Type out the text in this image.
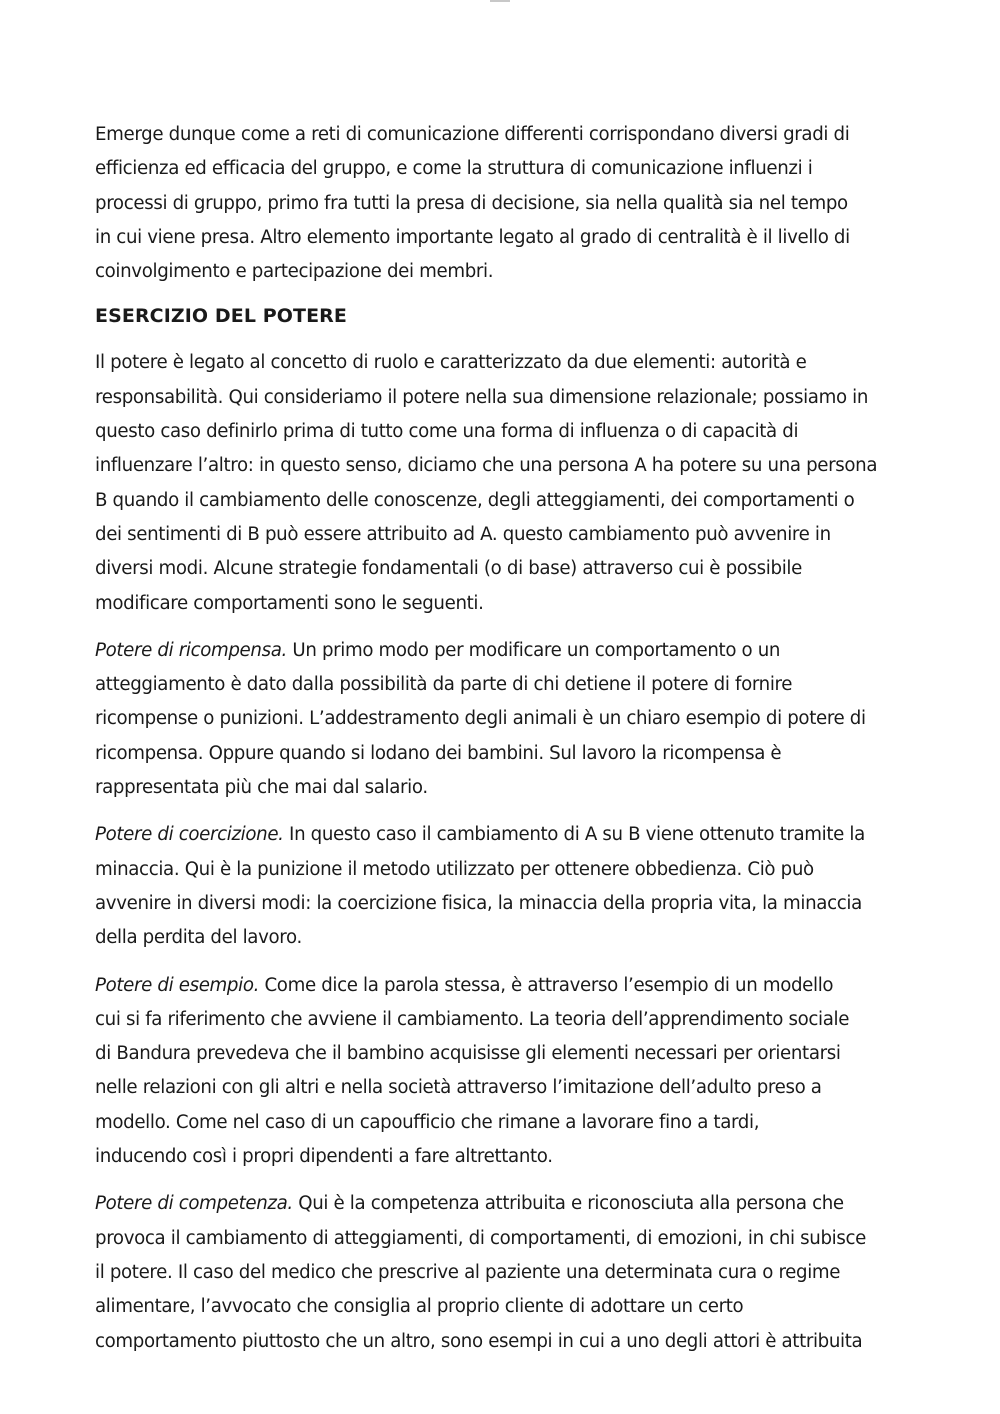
Emerge dunque come a reti di comunicazione differenti corrispondano diversi gradi di
efficienza ed efficacia del gruppo, e come la struttura di comunicazione influenzi i
processi di gruppo, primo fra tutti la presa di decisione, sia nella qualità sia nel tempo
in cui viene presa. Altro elemento importante legato al grado di centralità è il livello di
coinvolgimento e partecipazione dei membri.
ESERCIZIO DEL POTERE
Il potere è legato al concetto di ruolo e caratterizzato da due elementi: autorità e
responsabilità. Qui consideriamo il potere nella sua dimensione relazionale; possiamo in
questo caso definirlo prima di tutto come una forma di influenza o di capacità di
influenzare l’altro: in questo senso, diciamo che una persona A ha potere su una persona
B quando il cambiamento delle conoscenze, degli atteggiamenti, dei comportamenti o
dei sentimenti di B può essere attribuito ad A. questo cambiamento può avvenire in
diversi modi. Alcune strategie fondamentali (o di base) attraverso cui è possibile
modificare comportamenti sono le seguenti.
Potere di ricompensa. Un primo modo per modificare un comportamento o un
atteggiamento è dato dalla possibilità da parte di chi detiene il potere di fornire
ricompense o punizioni. L’addestramento degli animali è un chiaro esempio di potere di
ricompensa. Oppure quando si lodano dei bambini. Sul lavoro la ricompensa è
rappresentata più che mai dal salario.
Potere di coercizione. In questo caso il cambiamento di A su B viene ottenuto tramite la
minaccia. Qui è la punizione il metodo utilizzato per ottenere obbedienza. Ciò può
avvenire in diversi modi: la coercizione fisica, la minaccia della propria vita, la minaccia
della perdita del lavoro.
Potere di esempio. Come dice la parola stessa, è attraverso l’esempio di un modello
cui si fa riferimento che avviene il cambiamento. La teoria dell’apprendimento sociale
di Bandura prevedeva che il bambino acquisisse gli elementi necessari per orientarsi
nelle relazioni con gli altri e nella società attraverso l’imitazione dell’adulto preso a
modello. Come nel caso di un capoufficio che rimane a lavorare fino a tardi,
inducendo così i propri dipendenti a fare altrettanto.
Potere di competenza. Qui è la competenza attribuita e riconosciuta alla persona che
provoca il cambiamento di atteggiamenti, di comportamenti, di emozioni, in chi subisce
il potere. Il caso del medico che prescrive al paziente una determinata cura o regime
alimentare, l’avvocato che consiglia al proprio cliente di adottare un certo
comportamento piuttosto che un altro, sono esempi in cui a uno degli attori è attribuita
